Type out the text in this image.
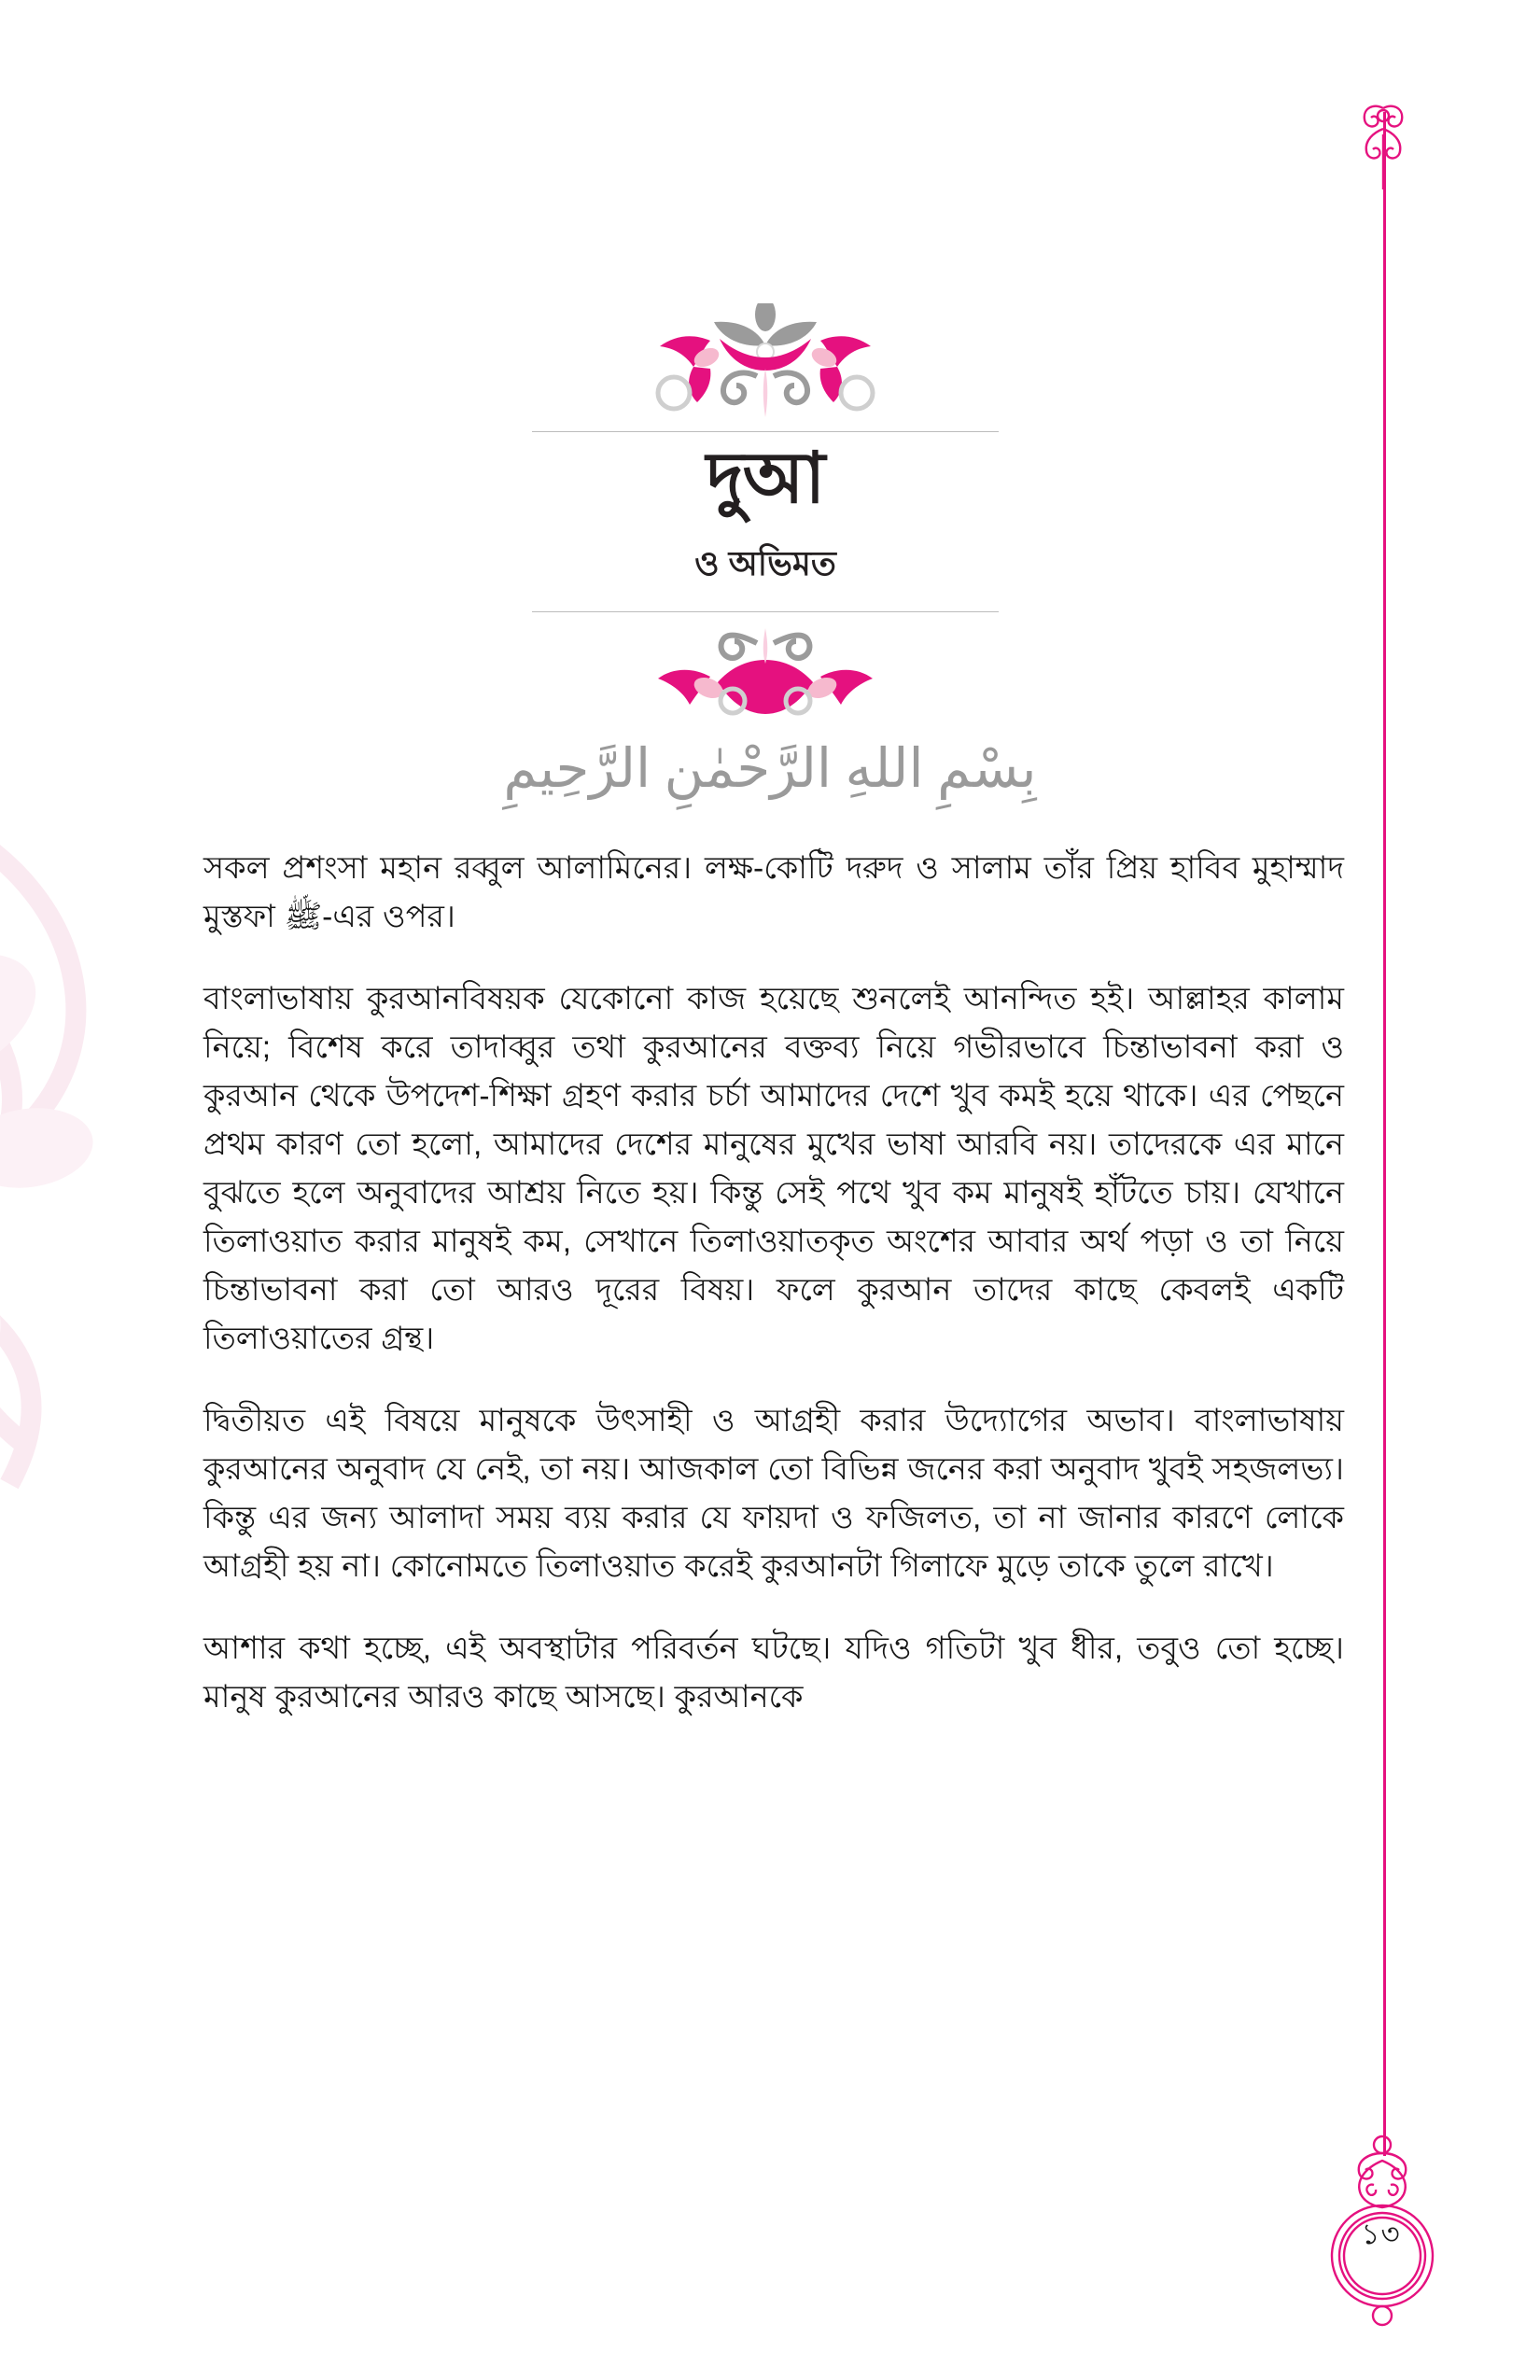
দুআ
ও অভিমত
بِسْمِ اللهِ الرَّحْمٰنِ الرَّحِيمِ

সকল প্রশংসা মহান রব্বুল আলামিনের। লক্ষ-কোটি দরুদ ও সালাম তাঁর প্রিয় হাবিব মুহাম্মাদ মুস্তফা ﷺ-এর ওপর।

বাংলাভাষায় কুরআনবিষয়ক যেকোনো কাজ হয়েছে শুনলেই আনন্দিত হই। আল্লাহর কালাম নিয়ে; বিশেষ করে তাদাব্বুর তথা কুরআনের বক্তব্য নিয়ে গভীরভাবে চিন্তাভাবনা করা ও কুরআন থেকে উপদেশ-শিক্ষা গ্রহণ করার চর্চা আমাদের দেশে খুব কমই হয়ে থাকে। এর পেছনে প্রথম কারণ তো হলো, আমাদের দেশের মানুষের মুখের ভাষা আরবি নয়। তাদেরকে এর মানে বুঝতে হলে অনুবাদের আশ্রয় নিতে হয়। কিন্তু সেই পথে খুব কম মানুষই হাঁটতে চায়। যেখানে তিলাওয়াত করার মানুষই কম, সেখানে তিলাওয়াতকৃত অংশের আবার অর্থ পড়া ও তা নিয়ে চিন্তাভাবনা করা তো আরও দূরের বিষয়। ফলে কুরআন তাদের কাছে কেবলই একটি তিলাওয়াতের গ্রন্থ।

দ্বিতীয়ত এই বিষয়ে মানুষকে উৎসাহী ও আগ্রহী করার উদ্যোগের অভাব। বাংলাভাষায় কুরআনের অনুবাদ যে নেই, তা নয়। আজকাল তো বিভিন্ন জনের করা অনুবাদ খুবই সহজলভ্য। কিন্তু এর জন্য আলাদা সময় ব্যয় করার যে ফায়দা ও ফজিলত, তা না জানার কারণে লোকে আগ্রহী হয় না। কোনোমতে তিলাওয়াত করেই কুরআনটা গিলাফে মুড়ে তাকে তুলে রাখে।

আশার কথা হচ্ছে, এই অবস্থাটার পরিবর্তন ঘটছে। যদিও গতিটা খুব ধীর, তবুও তো হচ্ছে। মানুষ কুরআনের আরও কাছে আসছে। কুরআনকে

১৩
